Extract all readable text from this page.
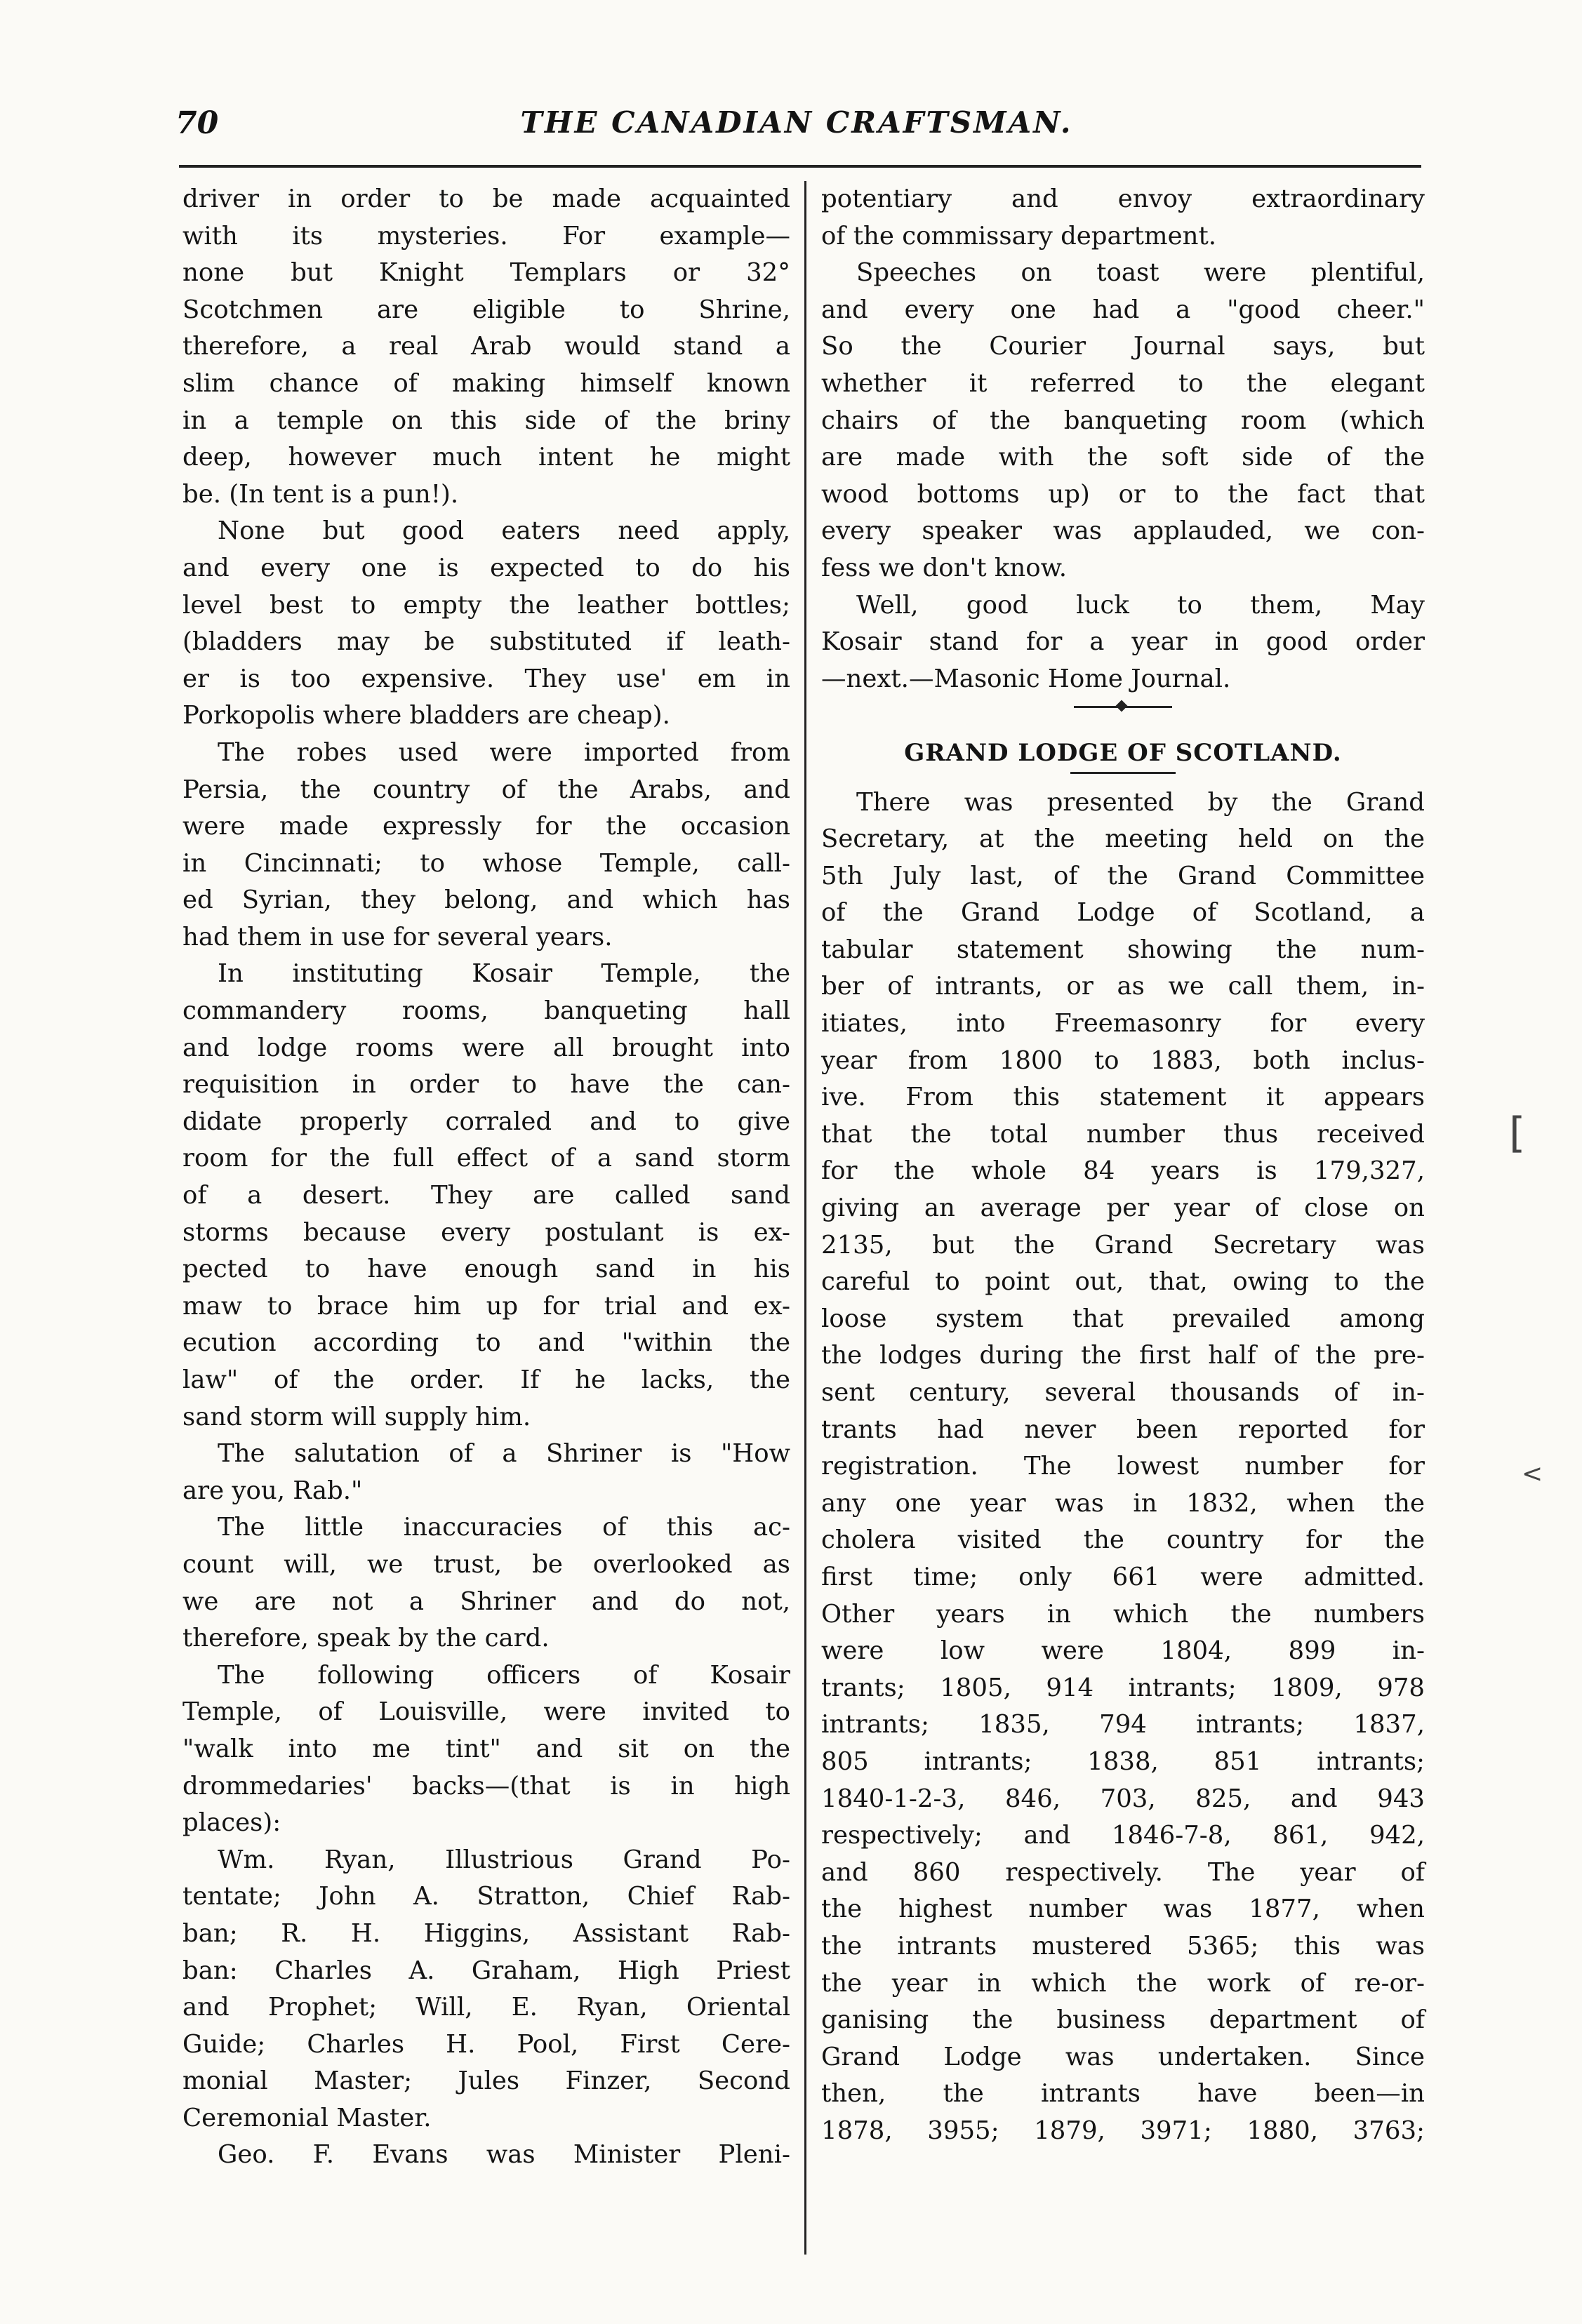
70	THE CANADIAN CRAFTSMAN.
driver in order to be made acquainted
with its mysteries. For example—
none but Knight Templars or 32°
Scotchmen are eligible to Shrine,
therefore, a real Arab would stand a
slim chance of making himself known
in a temple on this side of the briny
deep, however much intent he might
be. (In tent is a pun!).
None but good eaters need apply,
and every one is expected to do his
level best to empty the leather bottles;
(bladders may be substituted if leath-
er is too expensive. They use' em in
Porkopolis where bladders are cheap).
The robes used were imported from
Persia, the country of the Arabs, and
were made expressly for the occasion
in Cincinnati; to whose Temple, call-
ed Syrian, they belong, and which has
had them in use for several years.
In instituting Kosair Temple, the
commandery rooms, banqueting hall
and lodge rooms were all brought into
requisition in order to have the can-
didate properly corraled and to give
room for the full effect of a sand storm
of a desert. They are called sand
storms because every postulant is ex-
pected to have enough sand in his
maw to brace him up for trial and ex-
ecution according to and "within the
law" of the order. If he lacks, the
sand storm will supply him.
The salutation of a Shriner is "How
are you, Rab."
The little inaccuracies of this ac-
count will, we trust, be overlooked as
we are not a Shriner and do not,
therefore, speak by the card.
The following officers of Kosair
Temple, of Louisville, were invited to
"walk into me tint" and sit on the
drommedaries' backs—(that is in high
places):
Wm. Ryan, Illustrious Grand Po-
tentate; John A. Stratton, Chief Rab-
ban; R. H. Higgins, Assistant Rab-
ban: Charles A. Graham, High Priest
and Prophet; Will, E. Ryan, Oriental
Guide; Charles H. Pool, First Cere-
monial Master; Jules Finzer, Second
Ceremonial Master.
Geo. F. Evans was Minister Pleni-
potentiary and envoy extraordinary
of the commissary department.
Speeches on toast were plentiful,
and every one had a "good cheer."
So the Courier Journal says, but
whether it referred to the elegant
chairs of the banqueting room (which
are made with the soft side of the
wood bottoms up) or to the fact that
every speaker was applauded, we con-
fess we don't know.
Well, good luck to them, May
Kosair stand for a year in good order
—next.—Masonic Home Journal.
GRAND LODGE OF SCOTLAND.
There was presented by the Grand
Secretary, at the meeting held on the
5th July last, of the Grand Committee
of the Grand Lodge of Scotland, a
tabular statement showing the num-
ber of intrants, or as we call them, in-
itiates, into Freemasonry for every
year from 1800 to 1883, both inclus-
ive. From this statement it appears
that the total number thus received
for the whole 84 years is 179,327,
giving an average per year of close on
2135, but the Grand Secretary was
careful to point out, that, owing to the
loose system that prevailed among
the lodges during the first half of the pre-
sent century, several thousands of in-
trants had never been reported for
registration. The lowest number for
any one year was in 1832, when the
cholera visited the country for the
first time; only 661 were admitted.
Other years in which the numbers
were low were 1804, 899 in-
trants; 1805, 914 intrants; 1809, 978
intrants; 1835, 794 intrants; 1837,
805 intrants; 1838, 851 intrants;
1840-1-2-3, 846, 703, 825, and 943
respectively; and 1846-7-8, 861, 942,
and 860 respectively. The year of
the highest number was 1877, when
the intrants mustered 5365; this was
the year in which the work of re-or-
ganising the business department of
Grand Lodge was undertaken. Since
then, the intrants have been—in
1878, 3955; 1879, 3971; 1880, 3763;
[
<
